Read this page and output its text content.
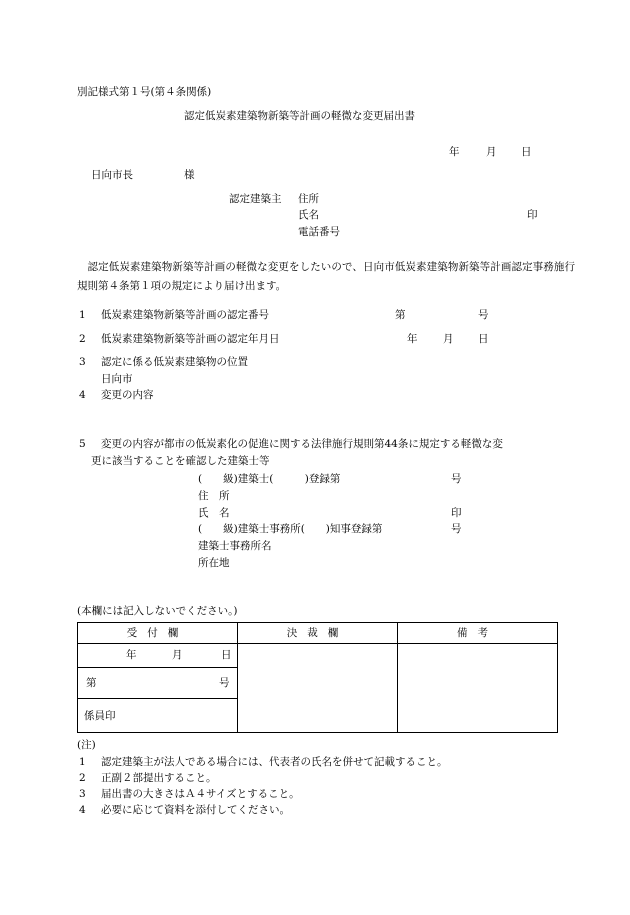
別記様式第１号(第４条関係)
認定低炭素建築物新築等計画の軽微な変更届出書
年	月 日
日向市長	様
認定建築主 住所
氏名	印
電話番号
認定低炭素建築物新築等計画の軽微な変更をしたいので、日向市低炭素建築物新築等計画認定事務施行規則第４条第１項の規定により届け出ます。
1 低炭素建築物新築等計画の認定番号	第	号
2 低炭素建築物新築等計画の認定年月日	年 月 日
3 認定に係る低炭素建築物の位置
日向市
4 変更の内容
5 変更の内容が都市の低炭素化の促進に関する法律施行規則第44条に規定する軽微な変
更に該当することを確認した建築士等
(　　級)建築士(　　　)登録第	号
住　所
氏　名	印
(　　級)建築士事務所(　　)知事登録第	号
建築士事務所名
所在地
(本欄には記入しないでください。)
受付欄	決裁欄	備考

年 月 日		

第 号		

係員印		
(注)
1 認定建築主が法人である場合には、代表者の氏名を併せて記載すること。
2 正副２部提出すること。
3 届出書の大きさはＡ４サイズとすること。
4 必要に応じて資料を添付してください。
